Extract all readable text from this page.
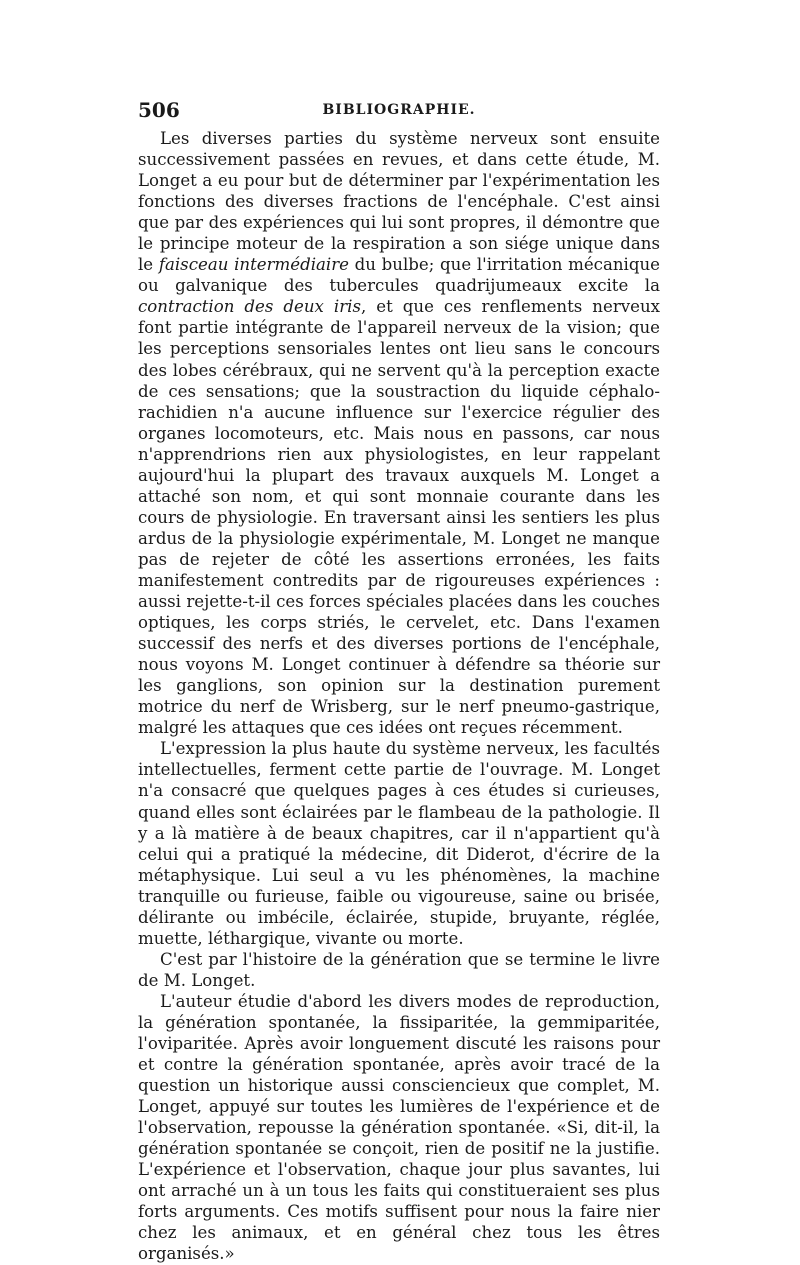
506	BIBLIOGRAPHIE.

Les diverses parties du système nerveux sont ensuite successivement passées en revues, et dans cette étude, M. Longet a eu pour but de déterminer par l'expérimentation les fonctions des diverses fractions de l'encéphale. C'est ainsi que par des expériences qui lui sont propres, il démontre que le principe moteur de la respiration a son siége unique dans le faisceau intermédiaire du bulbe; que l'irritation mécanique ou galvanique des tubercules quadrijumeaux excite la contraction des deux iris, et que ces renflements nerveux font partie intégrante de l'appareil nerveux de la vision; que les perceptions sensoriales lentes ont lieu sans le concours des lobes cérébraux, qui ne servent qu'à la perception exacte de ces sensations; que la soustraction du liquide céphalo-rachidien n'a aucune influence sur l'exercice régulier des organes locomoteurs, etc. Mais nous en passons, car nous n'apprendrions rien aux physiologistes, en leur rappelant aujourd'hui la plupart des travaux auxquels M. Longet a attaché son nom, et qui sont monnaie courante dans les cours de physiologie. En traversant ainsi les sentiers les plus ardus de la physiologie expérimentale, M. Longet ne manque pas de rejeter de côté les assertions erronées, les faits manifestement contredits par de rigoureuses expériences : aussi rejette-t-il ces forces spéciales placées dans les couches optiques, les corps striés, le cervelet, etc. Dans l'examen successif des nerfs et des diverses portions de l'encéphale, nous voyons M. Longet continuer à défendre sa théorie sur les ganglions, son opinion sur la destination purement motrice du nerf de Wrisberg, sur le nerf pneumo-gastrique, malgré les attaques que ces idées ont reçues récemment.

L'expression la plus haute du système nerveux, les facultés intellectuelles, ferment cette partie de l'ouvrage. M. Longet n'a consacré que quelques pages à ces études si curieuses, quand elles sont éclairées par le flambeau de la pathologie. Il y a là matière à de beaux chapitres, car il n'appartient qu'à celui qui a pratiqué la médecine, dit Diderot, d'écrire de la métaphysique. Lui seul a vu les phénomènes, la machine tranquille ou furieuse, faible ou vigoureuse, saine ou brisée, délirante ou imbécile, éclairée, stupide, bruyante, réglée, muette, léthargique, vivante ou morte.

C'est par l'histoire de la génération que se termine le livre de M. Longet.

L'auteur étudie d'abord les divers modes de reproduction, la génération spontanée, la fissiparitée, la gemmiparitée, l'oviparitée. Après avoir longuement discuté les raisons pour et contre la génération spontanée, après avoir tracé de la question un historique aussi consciencieux que complet, M. Longet, appuyé sur toutes les lumières de l'expérience et de l'observation, repousse la génération spontanée. «Si, dit-il, la génération spontanée se conçoit, rien de positif ne la justifie. L'expérience et l'observation, chaque jour plus savantes, lui ont arraché un à un tous les faits qui constitueraient ses plus forts arguments. Ces motifs suffisent pour nous la faire nier chez les animaux, et en général chez tous les êtres organisés.»
